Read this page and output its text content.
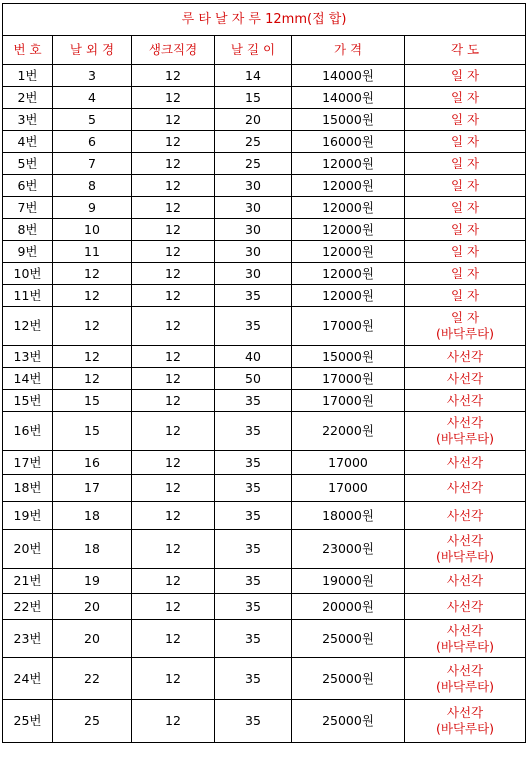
루 타 날 자 루 12mm(접 합)					
번 호	날 외 경	생크직경	날 길 이	가 격	각 도
1번	3	12	14	14000원	일 자

2번	4	12	15	14000원	일 자

3번	5	12	20	15000원	일 자

4번	6	12	25	16000원	일 자

5번	7	12	25	12000원	일 자

6번	8	12	30	12000원	일 자

7번	9	12	30	12000원	일 자

8번	10	12	30	12000원	일 자

9번	11	12	30	12000원	일 자

10번	12	12	30	12000원	일 자

11번	12	12	35	12000원	일 자

12번	12	12	35	17000원	일 자
(바닥루타)

13번	12	12	40	15000원	사선각

14번	12	12	50	17000원	사선각

15번	15	12	35	17000원	사선각

16번	15	12	35	22000원	사선각
(바닥루타)

17번	16	12	35	17000	사선각

18번	17	12	35	17000	사선각

19번	18	12	35	18000원	사선각

20번	18	12	35	23000원	사선각
(바닥루타)

21번	19	12	35	19000원	사선각

22번	20	12	35	20000원	사선각

23번	20	12	35	25000원	사선각
(바닥루타)

24번	22	12	35	25000원	사선각
(바닥루타)

25번	25	12	35	25000원	사선각
(바닥루타)
